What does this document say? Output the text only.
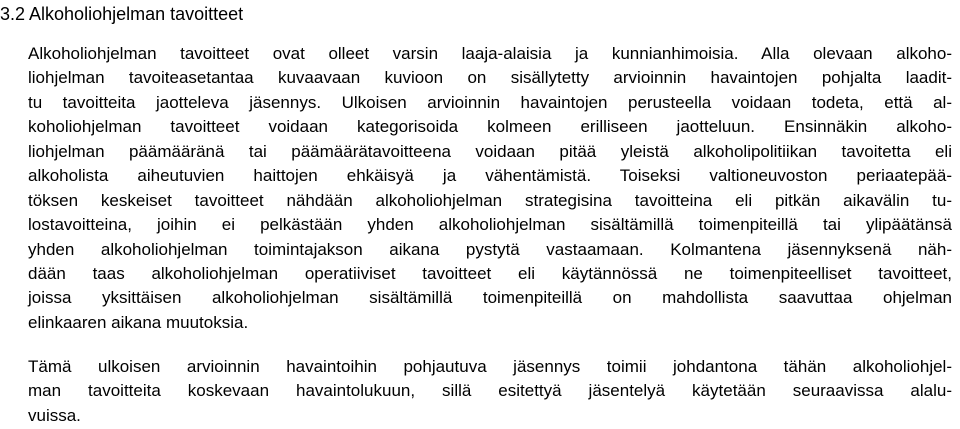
3.2 Alkoholiohjelman tavoitteet
Alkoholiohjelman tavoitteet ovat olleet varsin laaja-alaisia ja kunnianhimoisia. Alla olevaan alkoho-
liohjelman tavoiteasetantaa kuvaavaan kuvioon on sisällytetty arvioinnin havaintojen pohjalta laadit-
tu tavoitteita jaotteleva jäsennys. Ulkoisen arvioinnin havaintojen perusteella voidaan todeta, että al-
koholiohjelman tavoitteet voidaan kategorisoida kolmeen erilliseen jaotteluun. Ensinnäkin alkoho-
liohjelman päämääränä tai päämäärätavoitteena voidaan pitää yleistä alkoholipolitiikan tavoitetta eli
alkoholista aiheutuvien haittojen ehkäisyä ja vähentämistä. Toiseksi valtioneuvoston periaatepää-
töksen keskeiset tavoitteet nähdään alkoholiohjelman strategisina tavoitteina eli pitkän aikavälin tu-
lostavoitteina, joihin ei pelkästään yhden alkoholiohjelman sisältämillä toimenpiteillä tai ylipäätänsä
yhden alkoholiohjelman toimintajakson aikana pystytä vastaamaan. Kolmantena jäsennyksenä näh-
dään taas alkoholiohjelman operatiiviset tavoitteet eli käytännössä ne toimenpiteelliset tavoitteet,
joissa yksittäisen alkoholiohjelman sisältämillä toimenpiteillä on mahdollista saavuttaa ohjelman
elinkaaren aikana muutoksia.
Tämä ulkoisen arvioinnin havaintoihin pohjautuva jäsennys toimii johdantona tähän alkoholiohjel-
man tavoitteita koskevaan havaintolukuun, sillä esitettyä jäsentelyä käytetään seuraavissa alalu-
vuissa.
